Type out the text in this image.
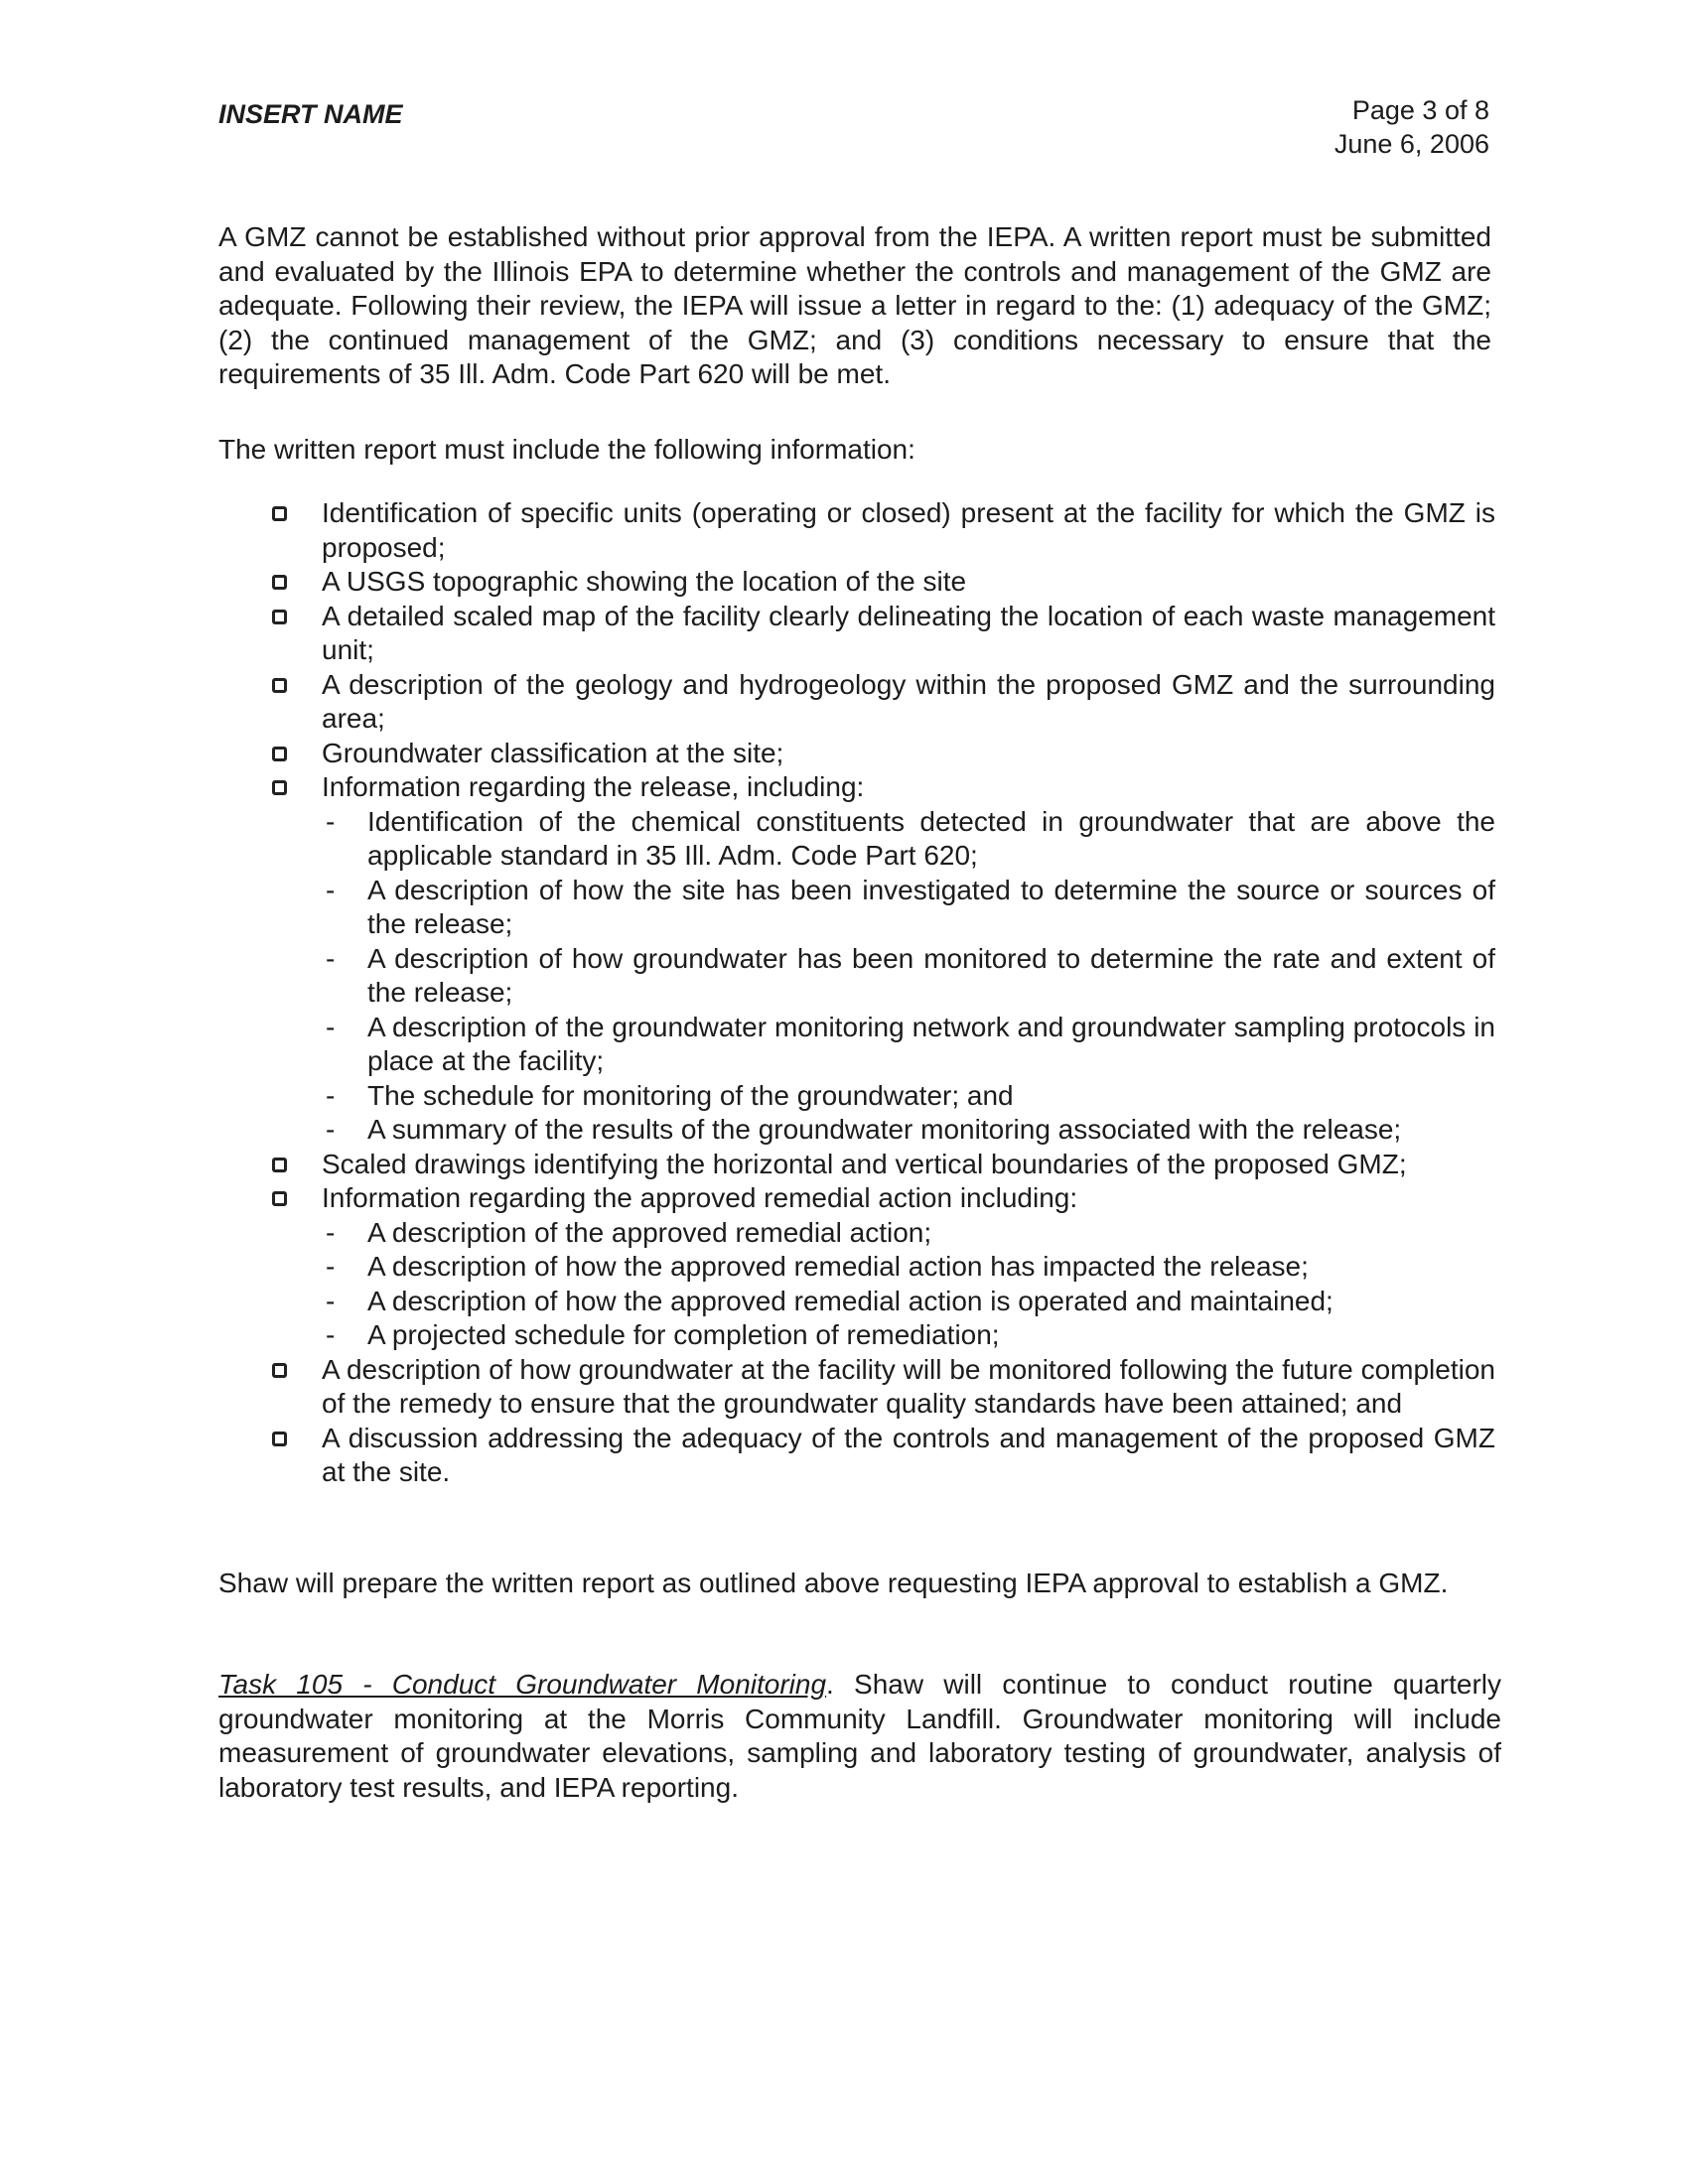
INSERT NAME	Page 3 of 8
June 6, 2006
A GMZ cannot be established without prior approval from the IEPA. A written report must be submitted and evaluated by the Illinois EPA to determine whether the controls and management of the GMZ are adequate. Following their review, the IEPA will issue a letter in regard to the: (1) adequacy of the GMZ; (2) the continued management of the GMZ; and (3) conditions necessary to ensure that the requirements of 35 Ill. Adm. Code Part 620 will be met.
The written report must include the following information:
Identification of specific units (operating or closed) present at the facility for which the GMZ is proposed;
A USGS topographic showing the location of the site
A detailed scaled map of the facility clearly delineating the location of each waste management unit;
A description of the geology and hydrogeology within the proposed GMZ and the surrounding area;
Groundwater classification at the site;
Information regarding the release, including:
- Identification of the chemical constituents detected in groundwater that are above the applicable standard in 35 Ill. Adm. Code Part 620;
- A description of how the site has been investigated to determine the source or sources of the release;
- A description of how groundwater has been monitored to determine the rate and extent of the release;
- A description of the groundwater monitoring network and groundwater sampling protocols in place at the facility;
- The schedule for monitoring of the groundwater; and
- A summary of the results of the groundwater monitoring associated with the release;
Scaled drawings identifying the horizontal and vertical boundaries of the proposed GMZ;
Information regarding the approved remedial action including:
- A description of the approved remedial action;
- A description of how the approved remedial action has impacted the release;
- A description of how the approved remedial action is operated and maintained;
- A projected schedule for completion of remediation;
A description of how groundwater at the facility will be monitored following the future completion of the remedy to ensure that the groundwater quality standards have been attained; and
A discussion addressing the adequacy of the controls and management of the proposed GMZ at the site.
Shaw will prepare the written report as outlined above requesting IEPA approval to establish a GMZ.
Task 105 - Conduct Groundwater Monitoring. Shaw will continue to conduct routine quarterly groundwater monitoring at the Morris Community Landfill. Groundwater monitoring will include measurement of groundwater elevations, sampling and laboratory testing of groundwater, analysis of laboratory test results, and IEPA reporting.
